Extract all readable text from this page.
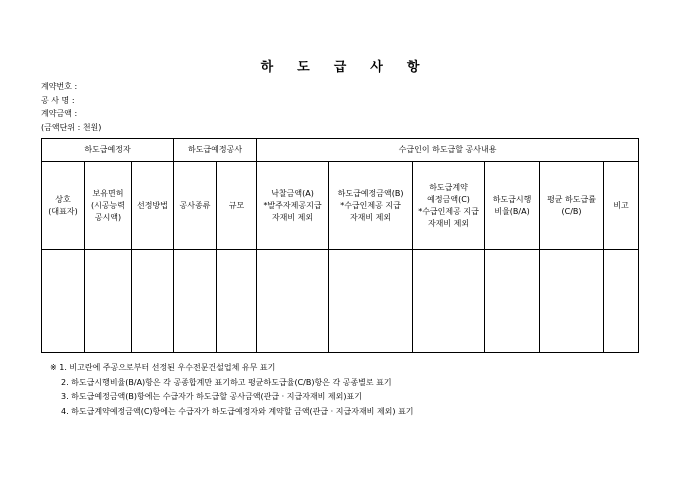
하 도 급 사 항
계약번호 :
공 사 명 :
계약금액 :
(금액단위 : 천원)
하도급예정자			하도급예정공사		수급인이 하도급할 공사내용					
상호
(대표자)	보유면허
(시공능력
공시액)	선정방법	공사종류	규모	낙찰금액(A)
*발주자제공지급
자재비 제외	하도급예정금액(B)
*수급인제공 지급
자재비 제외	하도급계약
예정금액(C)
*수급인제공 지급
자재비 제외	하도급시행
비율(B/A)	평균 하도급률
(C/B)	비고

※ 1. 비고란에 주공으로부터 선정된 우수전문건설업체 유무 표기
2. 하도급시행비율(B/A)항은 각 공종합계만 표기하고 평균하도급율(C/B)항은 각 공종별로 표기
3. 하도급예정금액(B)항에는 수급자가 하도급할 공사금액(관급 · 지급자재비 제외)표기
4. 하도급계약예정금액(C)항에는 수급자가 하도급예정자와 계약할 금액(관급 · 지급자재비 제외) 표기
